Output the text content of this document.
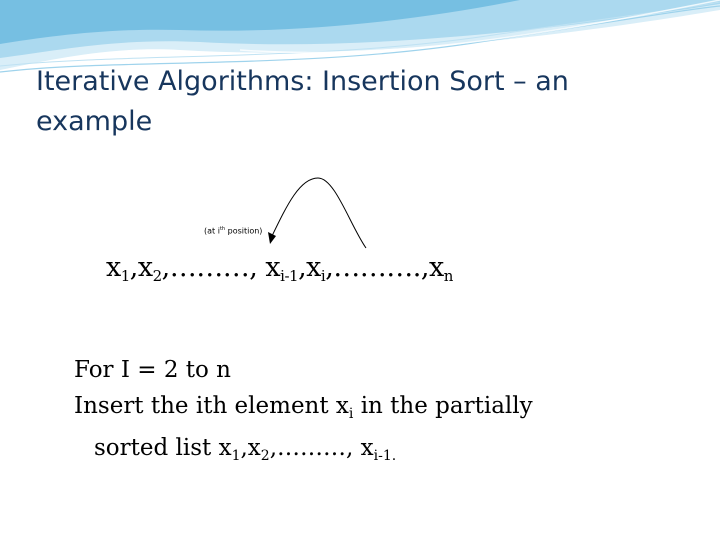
Iterative Algorithms: Insertion Sort – an example
(at $i^{th}$ position)
$x_1,x_2,\dots\dots\dots$, $x_{i-1},x_i,\dots\dots\dots.,x_n$
For I = 2 to n
Insert the ith element $x_i$ in the partially
sorted list $x_1,x_2,\dots\dots\dots$, $x_{i-1.}$
